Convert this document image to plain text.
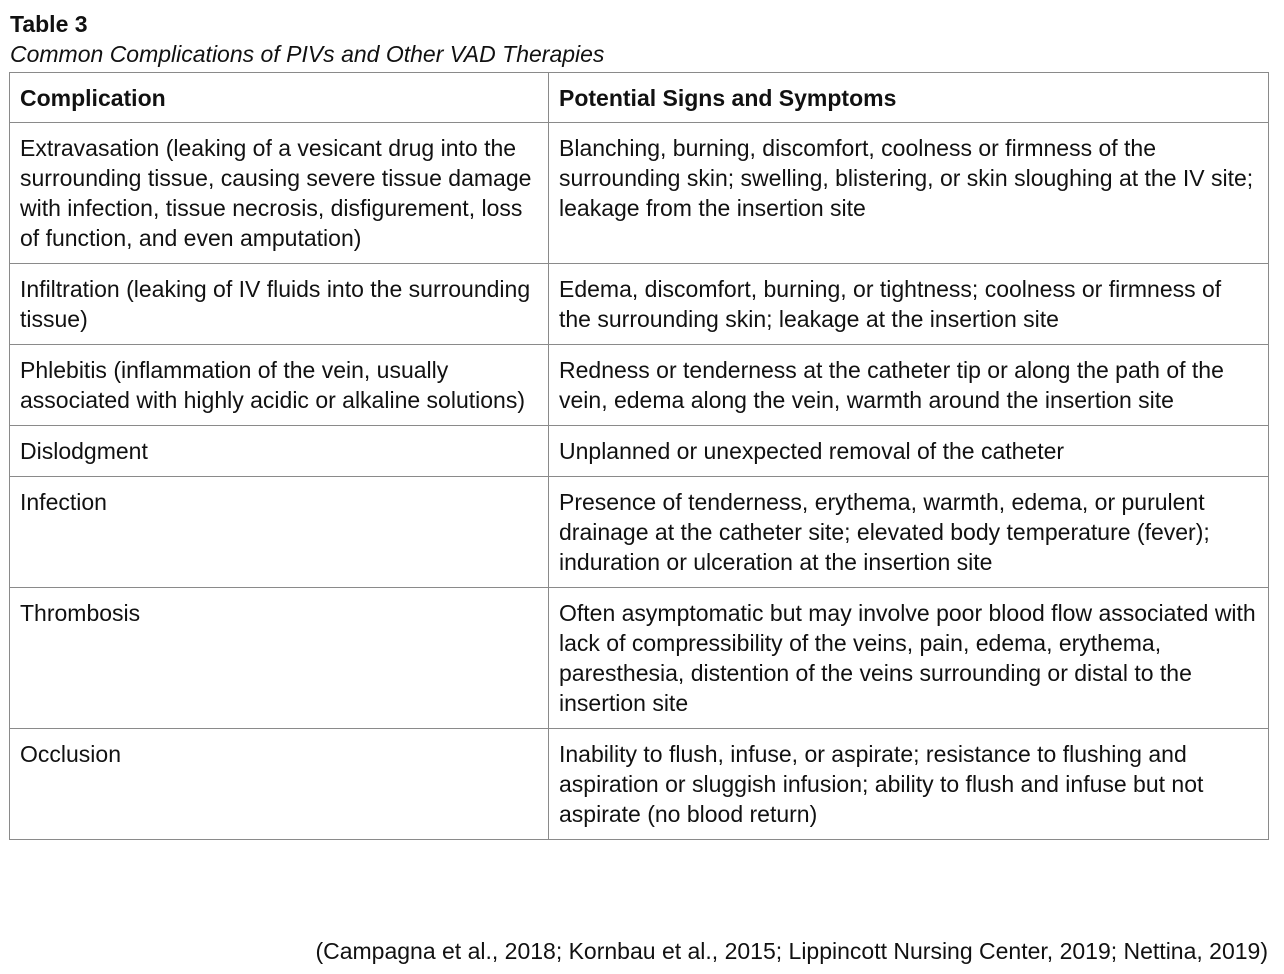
Table 3
Common Complications of PIVs and Other VAD Therapies
Complication	Potential Signs and Symptoms
Extravasation (leaking of a vesicant drug into the surrounding tissue, causing severe tissue damage with infection, tissue necrosis, disfigurement, loss of function, and even amputation)	Blanching, burning, discomfort, coolness or firmness of the surrounding skin; swelling, blistering, or skin sloughing at the IV site; leakage from the insertion site
Infiltration (leaking of IV fluids into the surrounding tissue)	Edema, discomfort, burning, or tightness; coolness or firmness of the surrounding skin; leakage at the insertion site
Phlebitis (inflammation of the vein, usually associated with highly acidic or alkaline solutions)	Redness or tenderness at the catheter tip or along the path of the vein, edema along the vein, warmth around the insertion site
Dislodgment	Unplanned or unexpected removal of the catheter
Infection	Presence of tenderness, erythema, warmth, edema, or purulent drainage at the catheter site; elevated body temperature (fever); induration or ulceration at the insertion site
Thrombosis	Often asymptomatic but may involve poor blood flow associated with lack of compressibility of the veins, pain, edema, erythema, paresthesia, distention of the veins surrounding or distal to the insertion site
Occlusion	Inability to flush, infuse, or aspirate; resistance to flushing and aspiration or sluggish infusion; ability to flush and infuse but not aspirate (no blood return)
(Campagna et al., 2018; Kornbau et al., 2015; Lippincott Nursing Center, 2019; Nettina, 2019)
